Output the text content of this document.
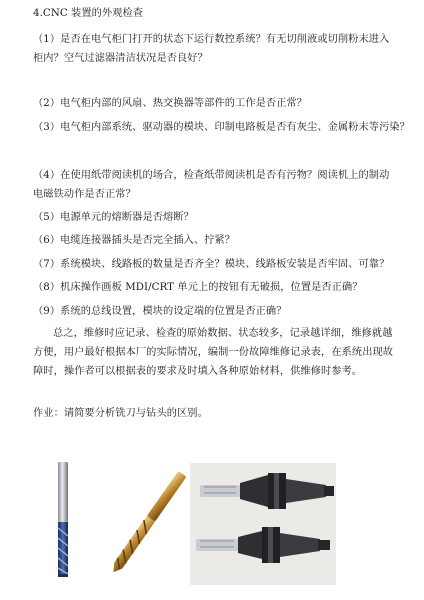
4.CNC 装置的外观检查
（1）是否在电气柜门打开的状态下运行数控系统？有无切削液或切削粉末进入柜内？空气过滤器清洁状况是否良好？
（2）电气柜内部的风扇、热交换器等部件的工作是否正常？
（3）电气柜内部系统、驱动器的模块、印制电路板是否有灰尘、金属粉末等污染？
（4）在使用纸带阅读机的场合，检查纸带阅读机是否有污物？阅读机上的制动电磁铁动作是否正常？
（5）电源单元的熔断器是否熔断？
（6）电缆连接器插头是否完全插入、拧紧？
（7）系统模块、线路板的数量是否齐全？模块、线路板安装是否牢固、可靠？
（8）机床操作画板 MDI/CRT 单元上的按钮有无破损，位置是否正确？
（9）系统的总线设置，模块的设定端的位置是否正确？
总之，维修时应记录、检查的原始数据、状态较多，记录越详细，维修就越方便，用户最好根据本厂的实际情况，编制一份故障维修记录表，在系统出现故障时，操作者可以根据表的要求及时填入各种原始材料，供维修时参考。
作业：请简要分析铣刀与钻头的区别。
